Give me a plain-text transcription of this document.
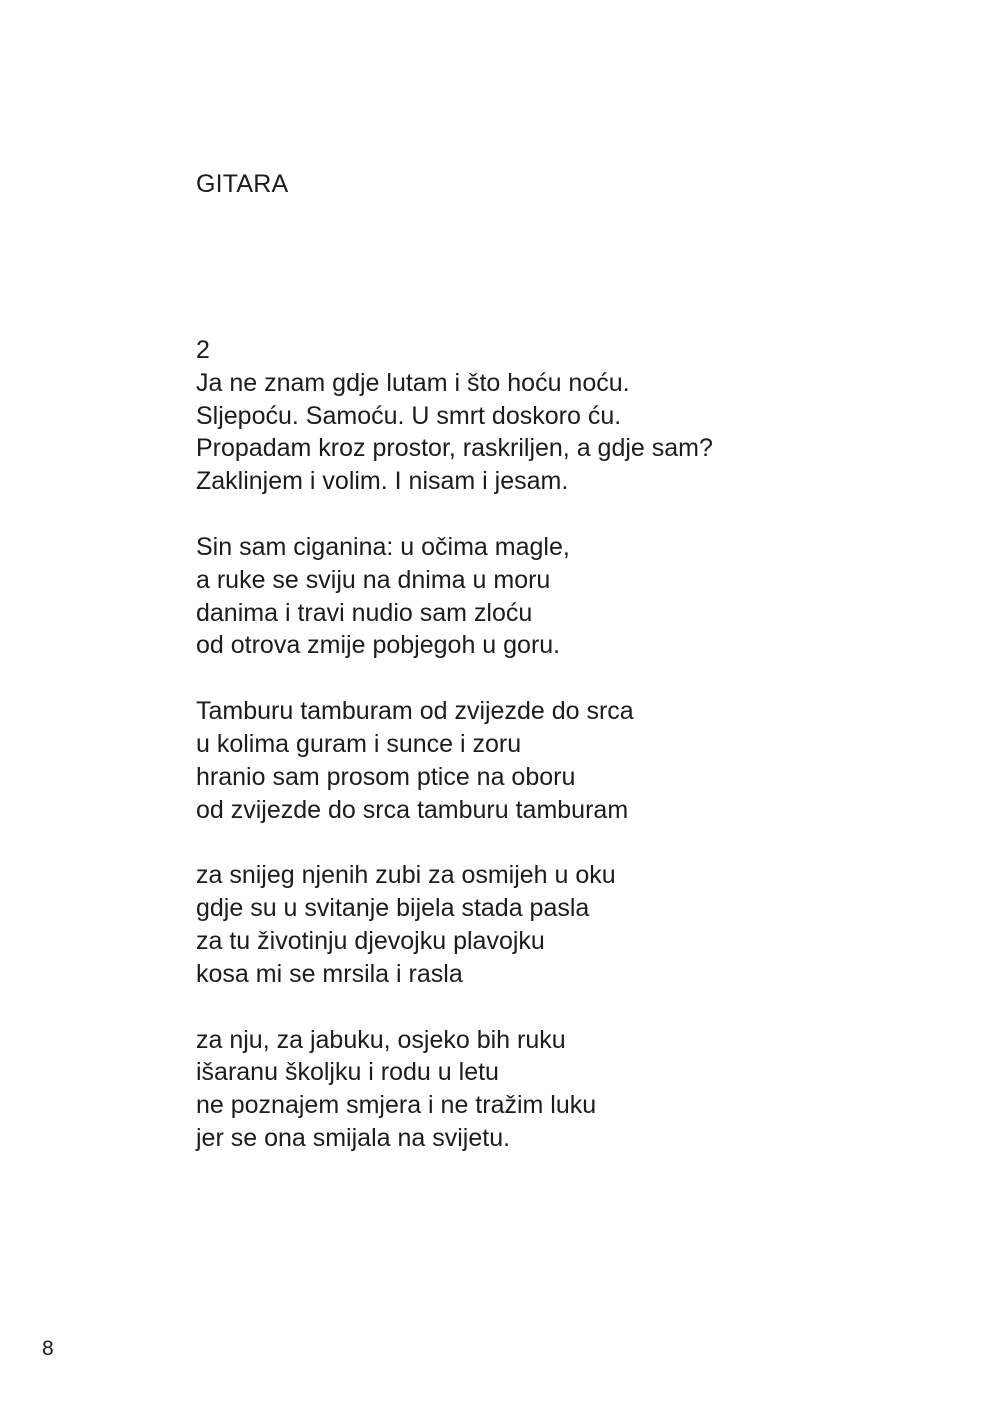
GITARA
2
Ja ne znam gdje lutam i što hoću noću.
Sljepoću. Samoću. U smrt doskoro ću.
Propadam kroz prostor, raskriljen, a gdje sam?
Zaklinjem i volim. I nisam i jesam.
Sin sam ciganina: u očima magle,
a ruke se sviju na dnima u moru
danima i travi nudio sam zloću
od otrova zmije pobjegoh u goru.
Tamburu tamburam od zvijezde do srca
u kolima guram i sunce i zoru
hranio sam prosom ptice na oboru
od zvijezde do srca tamburu tamburam
za snijeg njenih zubi za osmijeh u oku
gdje su u svitanje bijela stada pasla
za tu životinju djevojku plavojku
kosa mi se mrsila i rasla
za nju, za jabuku, osjeko bih ruku
išaranu školjku i rodu u letu
ne poznajem smjera i ne tražim luku
jer se ona smijala na svijetu.
8
